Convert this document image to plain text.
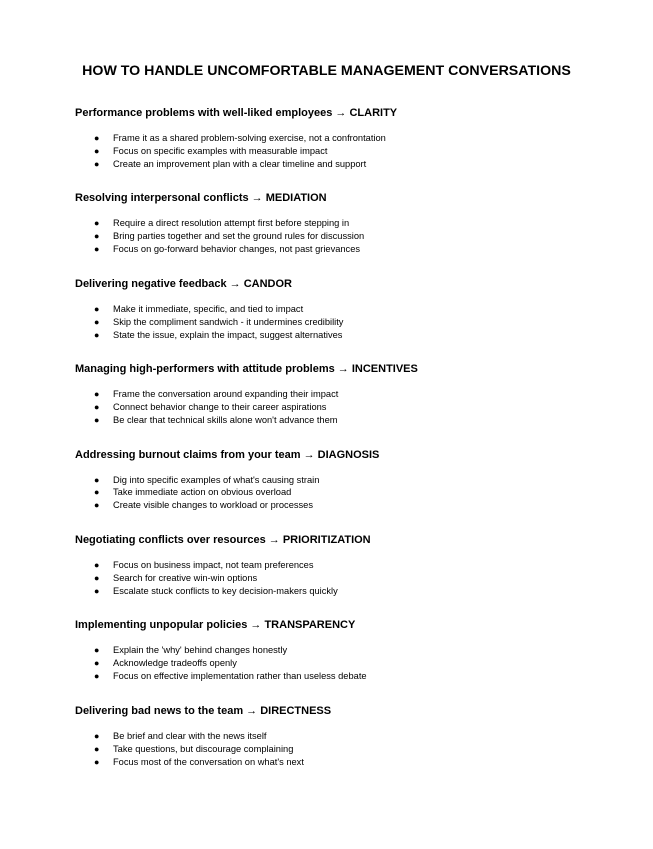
HOW TO HANDLE UNCOMFORTABLE MANAGEMENT CONVERSATIONS
Performance problems with well-liked employees → CLARITY
●	Frame it as a shared problem-solving exercise, not a confrontation
●	Focus on specific examples with measurable impact
●	Create an improvement plan with a clear timeline and support
Resolving interpersonal conflicts → MEDIATION
●	Require a direct resolution attempt first before stepping in
●	Bring parties together and set the ground rules for discussion
●	Focus on go-forward behavior changes, not past grievances
Delivering negative feedback → CANDOR
●	Make it immediate, specific, and tied to impact
●	Skip the compliment sandwich - it undermines credibility
●	State the issue, explain the impact, suggest alternatives
Managing high-performers with attitude problems → INCENTIVES
●	Frame the conversation around expanding their impact
●	Connect behavior change to their career aspirations
●	Be clear that technical skills alone won't advance them
Addressing burnout claims from your team → DIAGNOSIS
●	Dig into specific examples of what's causing strain
●	Take immediate action on obvious overload
●	Create visible changes to workload or processes
Negotiating conflicts over resources → PRIORITIZATION
●	Focus on business impact, not team preferences
●	Search for creative win-win options
●	Escalate stuck conflicts to key decision-makers quickly
Implementing unpopular policies → TRANSPARENCY
●	Explain the 'why' behind changes honestly
●	Acknowledge tradeoffs openly
●	Focus on effective implementation rather than useless debate
Delivering bad news to the team → DIRECTNESS
●	Be brief and clear with the news itself
●	Take questions, but discourage complaining
●	Focus most of the conversation on what's next
